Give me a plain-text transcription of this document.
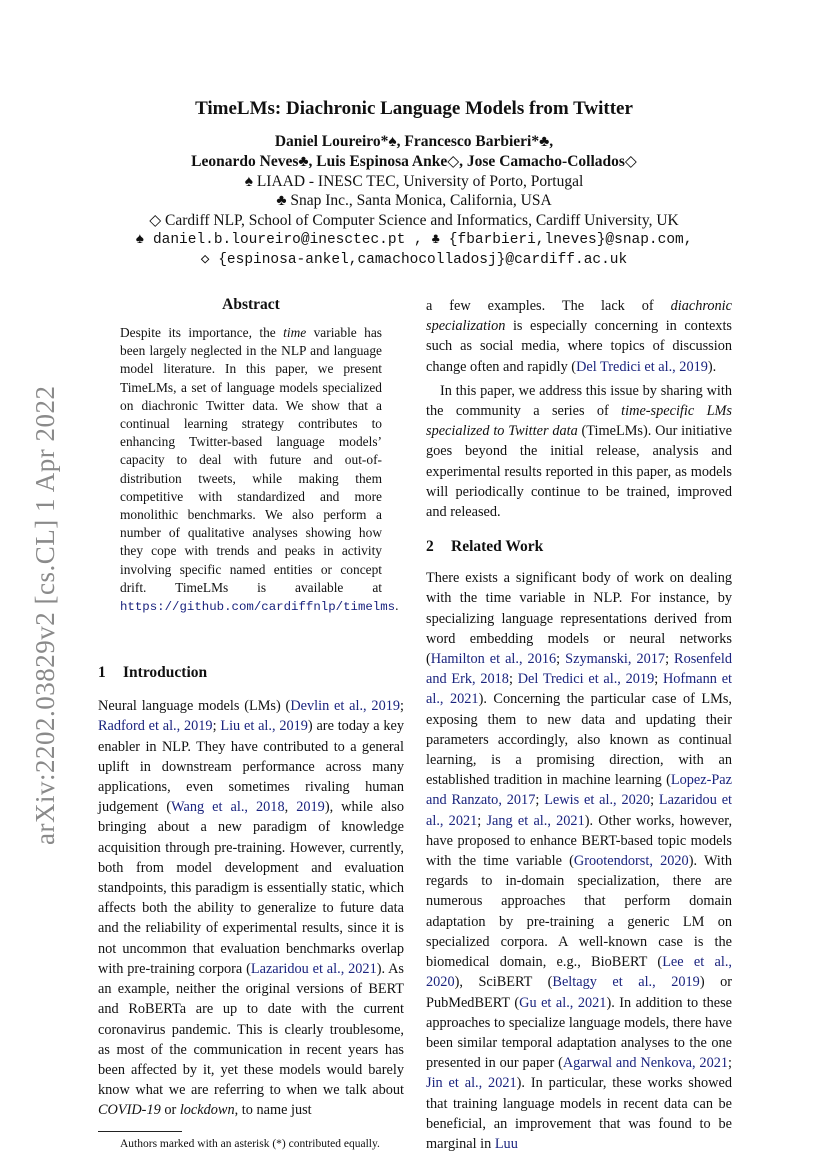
arXiv:2202.03829v2 [cs.CL] 1 Apr 2022
TimeLMs: Diachronic Language Models from Twitter
Daniel Loureiro*♠, Francesco Barbieri*♣,
Leonardo Neves♣, Luis Espinosa Anke◇, Jose Camacho-Collados◇
♠ LIAAD - INESC TEC, University of Porto, Portugal
♣ Snap Inc., Santa Monica, California, USA
◇ Cardiff NLP, School of Computer Science and Informatics, Cardiff University, UK
♠ daniel.b.loureiro@inesctec.pt , ♣ {fbarbieri,lneves}@snap.com,
◇ {espinosa-ankel,camachocolladosj}@cardiff.ac.uk
Abstract

Despite its importance, the time variable has been largely neglected in the NLP and language model literature. In this paper, we present TimeLMs, a set of language models specialized on diachronic Twitter data. We show that a continual learning strategy contributes to enhancing Twitter-based language models’ capacity to deal with future and out-of-distribution tweets, while making them competitive with standardized and more monolithic benchmarks. We also perform a number of qualitative analyses showing how they cope with trends and peaks in activity involving specific named entities or concept drift. TimeLMs is available at https://github.com/cardiffnlp/timelms.

1 Introduction

Neural language models (LMs) (Devlin et al., 2019; Radford et al., 2019; Liu et al., 2019) are today a key enabler in NLP. They have contributed to a general uplift in downstream performance across many applications, even sometimes rivaling human judgement (Wang et al., 2018, 2019), while also bringing about a new paradigm of knowledge acquisition through pre-training. However, currently, both from model development and evaluation standpoints, this paradigm is essentially static, which affects both the ability to generalize to future data and the reliability of experimental results, since it is not uncommon that evaluation benchmarks overlap with pre-training corpora (Lazaridou et al., 2021). As an example, neither the original versions of BERT and RoBERTa are up to date with the current coronavirus pandemic. This is clearly troublesome, as most of the communication in recent years has been affected by it, yet these models would barely know what we are referring to when we talk about COVID-19 or lockdown, to name just

Authors marked with an asterisk (*) contributed equally.

a few examples. The lack of diachronic specialization is especially concerning in contexts such as social media, where topics of discussion change often and rapidly (Del Tredici et al., 2019).

In this paper, we address this issue by sharing with the community a series of time-specific LMs specialized to Twitter data (TimeLMs). Our initiative goes beyond the initial release, analysis and experimental results reported in this paper, as models will periodically continue to be trained, improved and released.

2 Related Work

There exists a significant body of work on dealing with the time variable in NLP. For instance, by specializing language representations derived from word embedding models or neural networks (Hamilton et al., 2016; Szymanski, 2017; Rosenfeld and Erk, 2018; Del Tredici et al., 2019; Hofmann et al., 2021). Concerning the particular case of LMs, exposing them to new data and updating their parameters accordingly, also known as continual learning, is a promising direction, with an established tradition in machine learning (Lopez-Paz and Ranzato, 2017; Lewis et al., 2020; Lazaridou et al., 2021; Jang et al., 2021). Other works, however, have proposed to enhance BERT-based topic models with the time variable (Grootendorst, 2020). With regards to in-domain specialization, there are numerous approaches that perform domain adaptation by pre-training a generic LM on specialized corpora. A well-known case is the biomedical domain, e.g., BioBERT (Lee et al., 2020), SciBERT (Beltagy et al., 2019) or PubMedBERT (Gu et al., 2021). In addition to these approaches to specialize language models, there have been similar temporal adaptation analyses to the one presented in our paper (Agarwal and Nenkova, 2021; Jin et al., 2021). In particular, these works showed that training language models in recent data can be beneficial, an improvement that was found to be marginal in Luu
